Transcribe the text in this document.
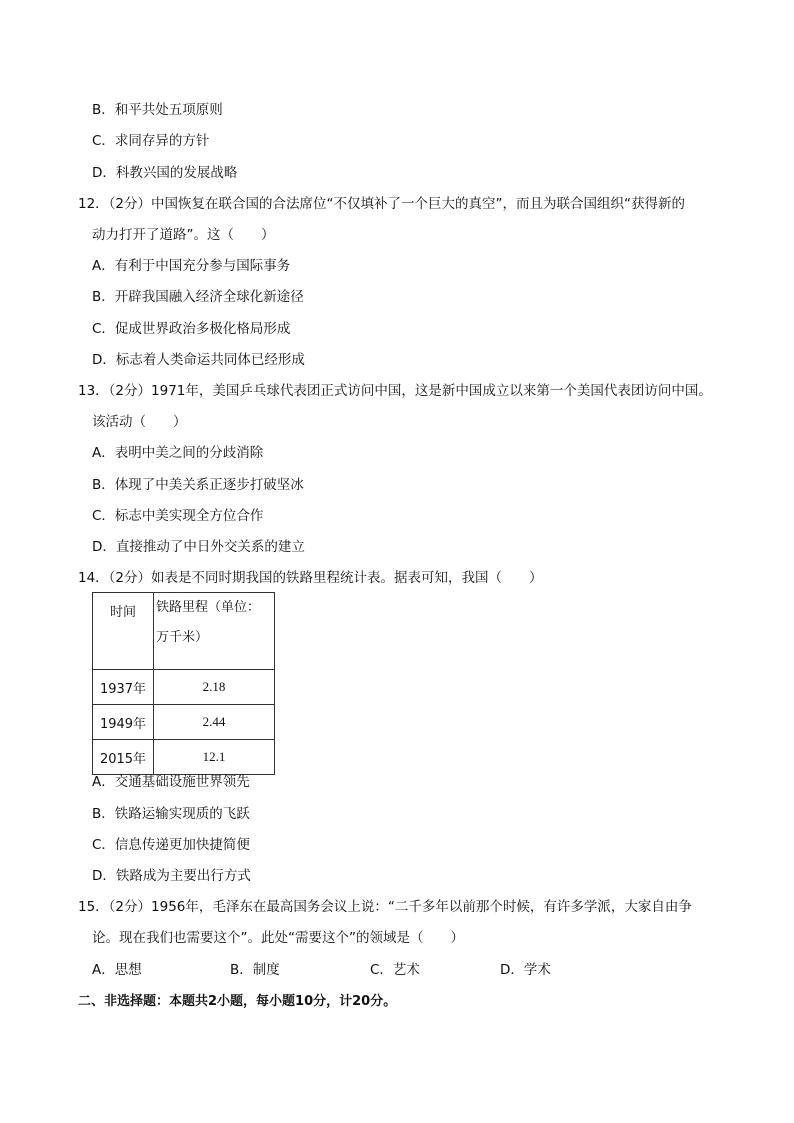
B．和平共处五项原则
C．求同存异的方针
D．科教兴国的发展战略
12．（2分）中国恢复在联合国的合法席位“不仅填补了一个巨大的真空”，而且为联合国组织“获得新的
动力打开了道路”。这（　　）
A．有利于中国充分参与国际事务
B．开辟我国融入经济全球化新途径
C．促成世界政治多极化格局形成
D．标志着人类命运共同体已经形成
13．（2分）1971年，美国乒乓球代表团正式访问中国，这是新中国成立以来第一个美国代表团访问中国。
该活动（　　）
A．表明中美之间的分歧消除
B．体现了中美关系正逐步打破坚冰
C．标志中美实现全方位合作
D．直接推动了中日外交关系的建立
14．（2分）如表是不同时期我国的铁路里程统计表。据表可知，我国（　　）
时间	铁路里程（单位：
万千米）

1937年	2.18
1949年	2.44
2015年	12.1
A．交通基础设施世界领先
B．铁路运输实现质的飞跃
C．信息传递更加快捷简便
D．铁路成为主要出行方式
15．（2分）1956年，毛泽东在最高国务会议上说：“二千多年以前那个时候，有许多学派，大家自由争
论。现在我们也需要这个”。此处“需要这个”的领域是（　　）
A．思想	B．制度	C．艺术	D．学术
二、非选择题：本题共2小题，每小题10分，计20分。
